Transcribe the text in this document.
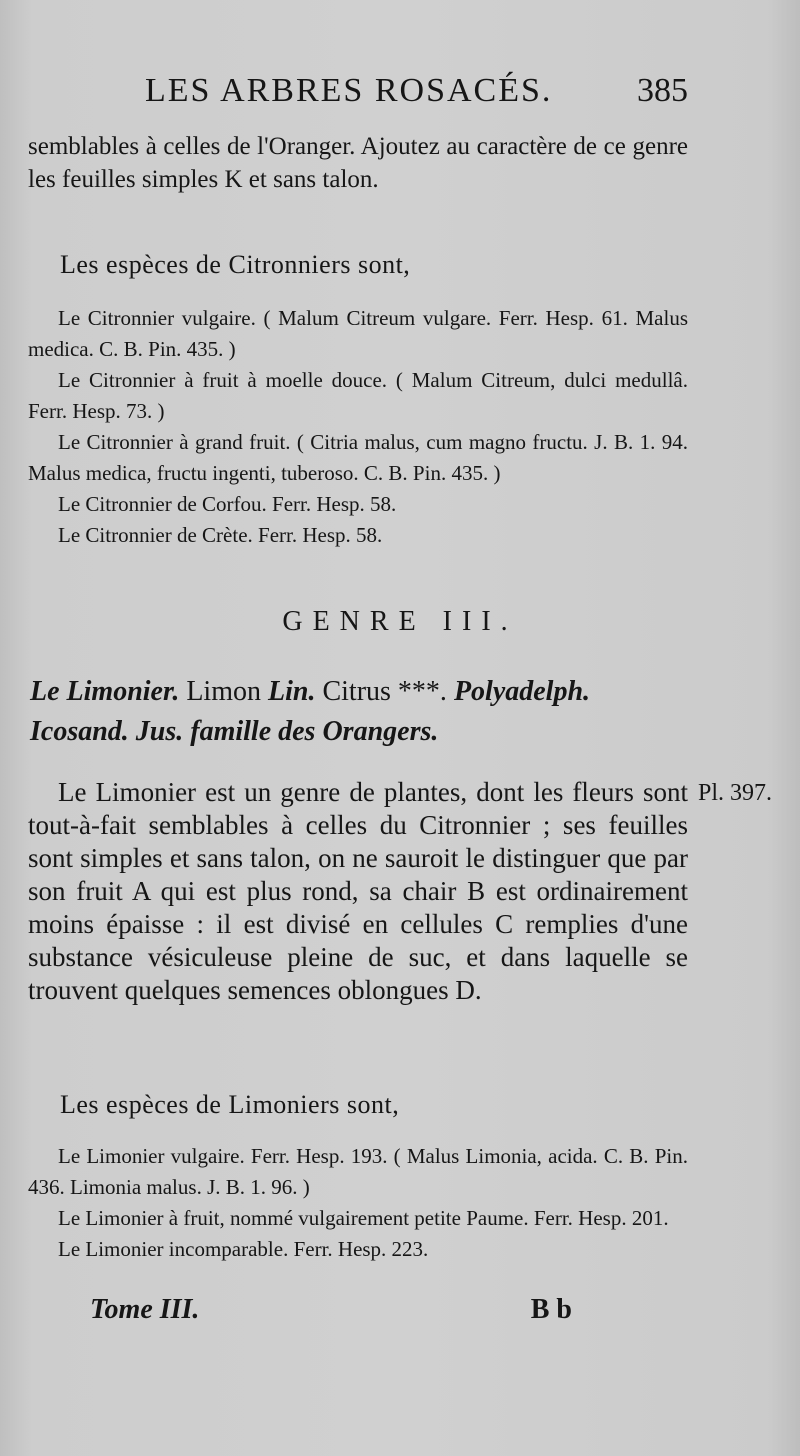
LES ARBRES ROSACÉS. 385

semblables à celles de l'Oranger. Ajoutez au caractère de ce genre les feuilles simples K et sans talon.

Les espèces de Citronniers sont,

Le Citronnier vulgaire. ( Malum Citreum vulgare. Ferr. Hesp. 61. Malus medica. C. B. Pin. 435. )

Le Citronnier à fruit à moelle douce. ( Malum Citreum, dulci medullâ. Ferr. Hesp. 73. )

Le Citronnier à grand fruit. ( Citria malus, cum magno fructu. J. B. 1. 94. Malus medica, fructu ingenti, tuberoso. C. B. Pin. 435. )

Le Citronnier de Corfou. Ferr. Hesp. 58.

Le Citronnier de Crète. Ferr. Hesp. 58.

GENRE III.
Le Limonier. Limon Lin. Citrus ***. Polyadelph. Icosand. Jus. famille des Orangers.

Le Limonier est un genre de plantes, dont les fleurs sont tout-à-fait semblables à celles du Citronnier ; ses feuilles sont simples et sans talon, on ne sauroit le distinguer que par son fruit A qui est plus rond, sa chair B est ordinairement moins épaisse : il est divisé en cellules C remplies d'une substance vésiculeuse pleine de suc, et dans laquelle se trouvent quelques semences oblongues D.

Pl. 397.
Les espèces de Limoniers sont,

Le Limonier vulgaire. Ferr. Hesp. 193. ( Malus Limonia, acida. C. B. Pin. 436. Limonia malus. J. B. 1. 96. )

Le Limonier à fruit, nommé vulgairement petite Paume. Ferr. Hesp. 201.

Le Limonier incomparable. Ferr. Hesp. 223.

Tome III.	B b
